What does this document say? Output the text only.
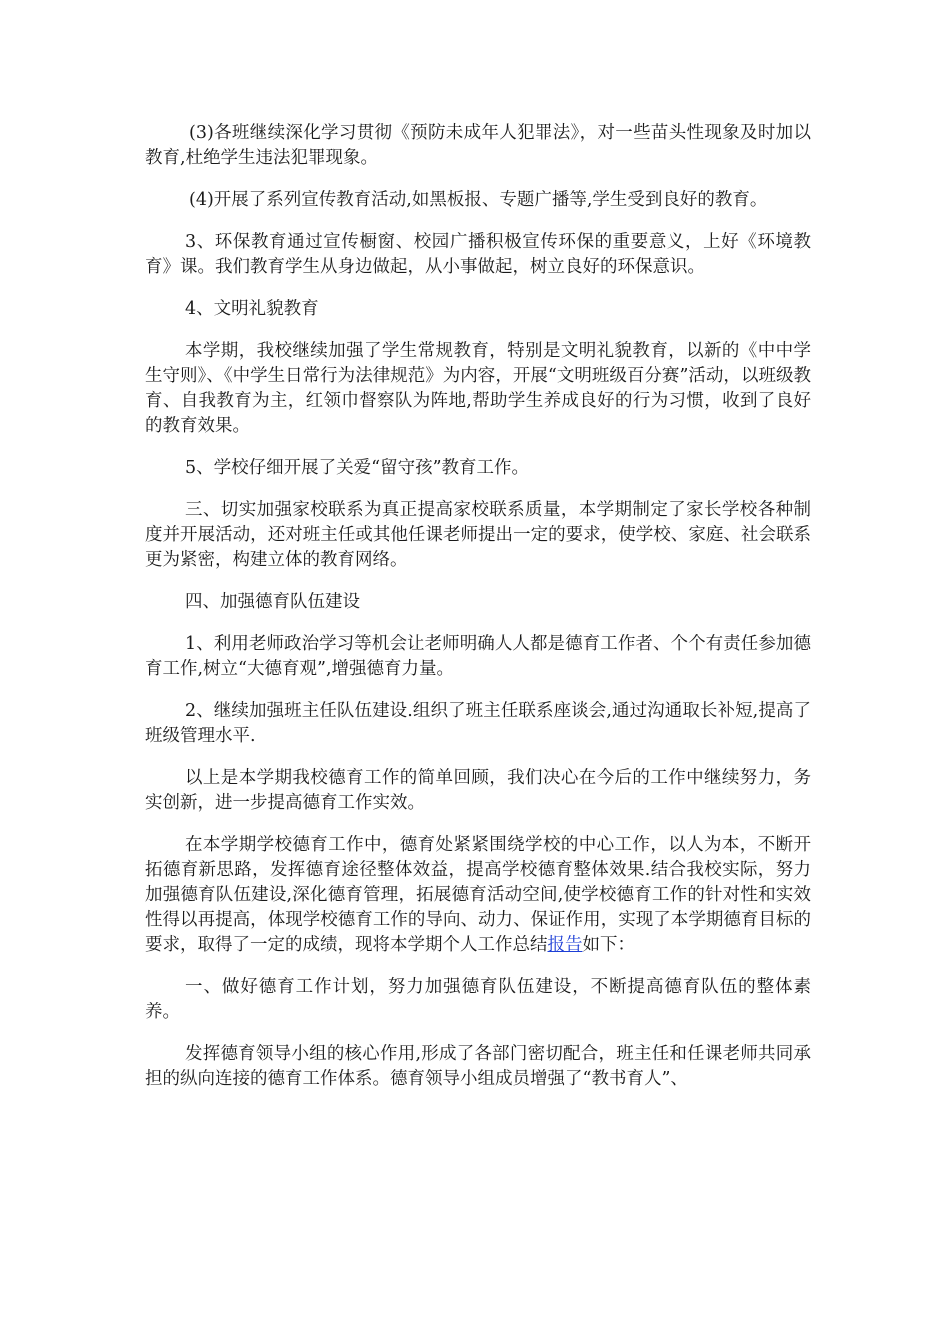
(3)各班继续深化学习贯彻《预防未成年人犯罪法》，对一些苗头性现象及时加以教育,杜绝学生违法犯罪现象。

(4)开展了系列宣传教育活动,如黑板报、专题广播等,学生受到良好的教育。

3、环保教育通过宣传橱窗、校园广播积极宣传环保的重要意义，上好《环境教育》课。我们教育学生从身边做起，从小事做起，树立良好的环保意识。

4、文明礼貌教育

本学期，我校继续加强了学生常规教育，特别是文明礼貌教育，以新的《中中学生守则》、《中学生日常行为法律规范》为内容，开展“文明班级百分赛”活动，以班级教育、自我教育为主，红领巾督察队为阵地,帮助学生养成良好的行为习惯，收到了良好的教育效果。

5、学校仔细开展了关爱“留守孩”教育工作。

三、切实加强家校联系为真正提高家校联系质量，本学期制定了家长学校各种制度并开展活动，还对班主任或其他任课老师提出一定的要求，使学校、家庭、社会联系更为紧密，构建立体的教育网络。

四、加强德育队伍建设

1、利用老师政治学习等机会让老师明确人人都是德育工作者、个个有责任参加德育工作,树立“大德育观”,增强德育力量。

2、继续加强班主任队伍建设.组织了班主任联系座谈会,通过沟通取长补短,提高了班级管理水平.

以上是本学期我校德育工作的简单回顾，我们决心在今后的工作中继续努力，务实创新，进一步提高德育工作实效。

在本学期学校德育工作中，德育处紧紧围绕学校的中心工作，以人为本，不断开拓德育新思路，发挥德育途径整体效益，提高学校德育整体效果.结合我校实际，努力加强德育队伍建设,深化德育管理，拓展德育活动空间,使学校德育工作的针对性和实效性得以再提高，体现学校德育工作的导向、动力、保证作用，实现了本学期德育目标的要求，取得了一定的成绩，现将本学期个人工作总结报告如下：

一、做好德育工作计划，努力加强德育队伍建设，不断提高德育队伍的整体素养。

发挥德育领导小组的核心作用,形成了各部门密切配合，班主任和任课老师共同承担的纵向连接的德育工作体系。德育领导小组成员增强了“教书育人”、
